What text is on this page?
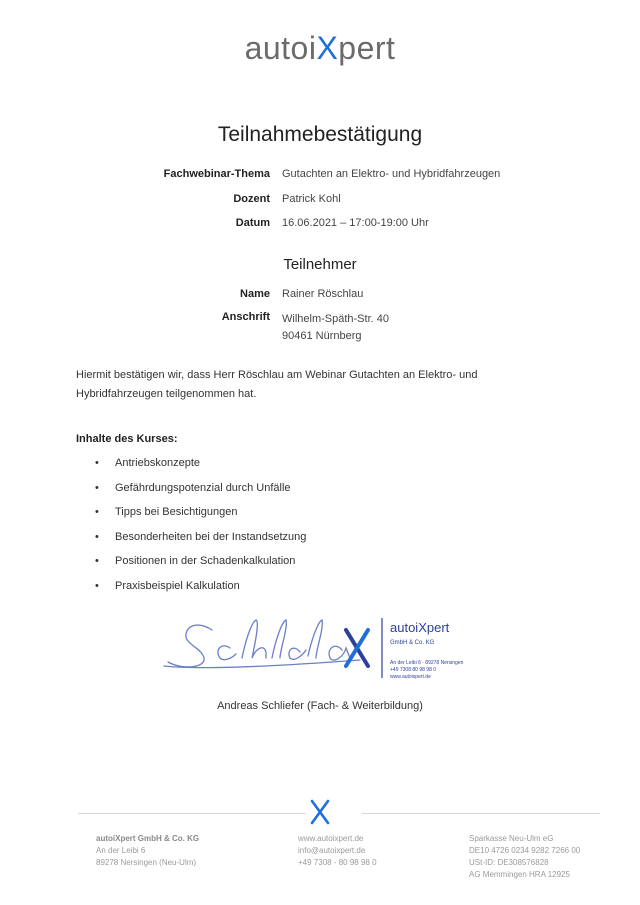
autoiXpert
Teilnahmebestätigung
Fachwebinar-Thema Gutachten an Elektro- und Hybridfahrzeugen
Dozent Patrick Kohl
Datum 16.06.2021 – 17:00-19:00 Uhr
Teilnehmer
Name Rainer Röschlau
Anschrift Wilhelm-Späth-Str. 40
90461 Nürnberg
Hiermit bestätigen wir, dass Herr Röschlau am Webinar Gutachten an Elektro- und Hybridfahrzeugen teilgenommen hat.
Inhalte des Kurses:
• Antriebskonzepte
• Gefährdungspotenzial durch Unfälle
• Tipps bei Besichtigungen
• Besonderheiten bei der Instandsetzung
• Positionen in der Schadenkalkulation
• Praxisbeispiel Kalkulation
autoiXpert
GmbH & Co. KG
An der Leibi 6 · 89278 Nersingen
+49 7308 80 98 98 0
www.autoixpert.de
Andreas Schliefer (Fach- & Weiterbildung)
autoiXpert GmbH & Co. KG
An der Leibi 6
89278 Nersingen (Neu-Ulm)
www.autoixpert.de
info@autoixpert.de
+49 7308 - 80 98 98 0
Sparkasse Neu-Ulm eG
DE10 4726 0234 9282 7266 00
USt-ID: DE308576828
AG Memmingen HRA 12925
